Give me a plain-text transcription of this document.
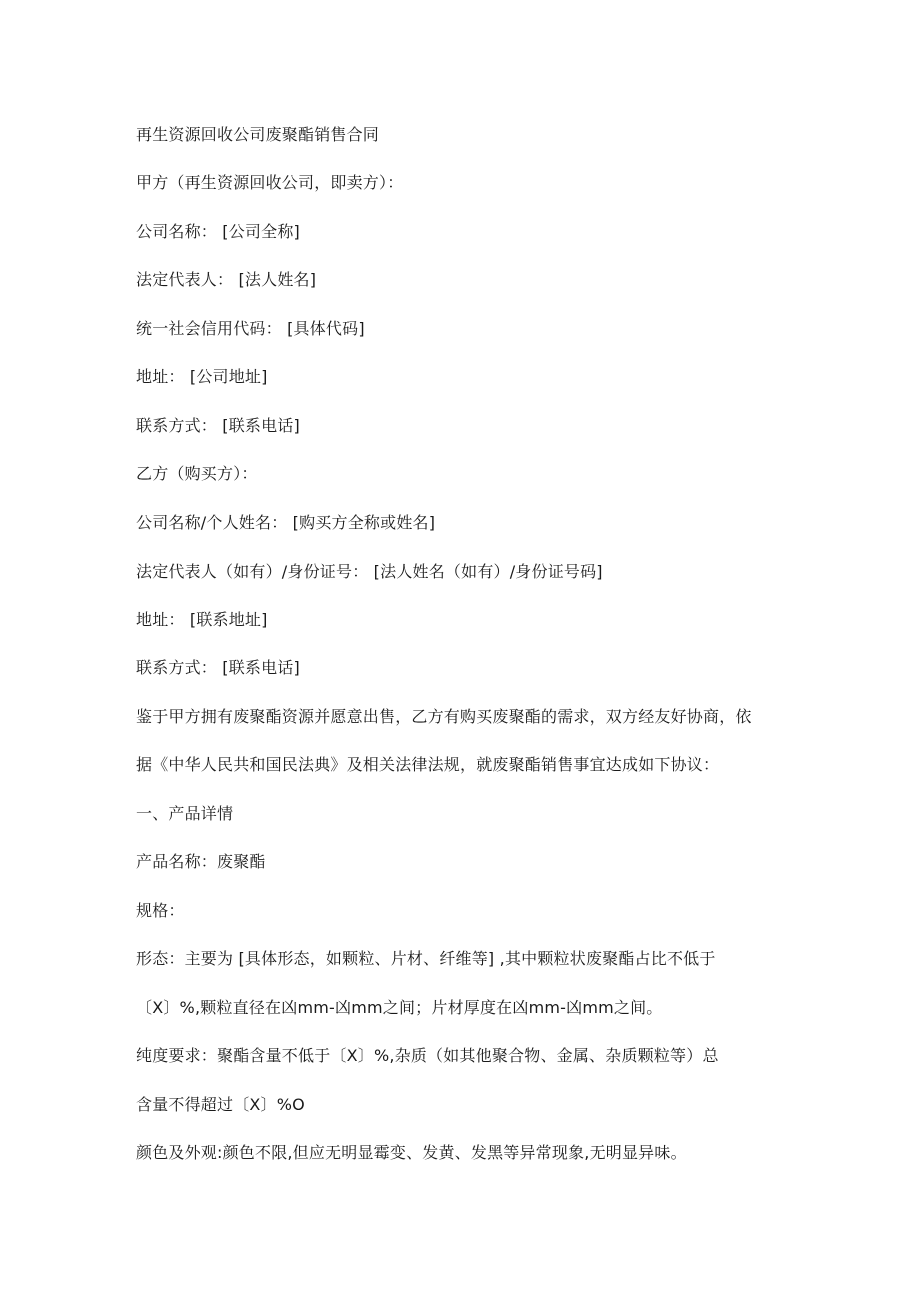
再生资源回收公司废聚酯销售合同
甲方（再生资源回收公司，即卖方）：
公司名称： [公司全称]
法定代表人： [法人姓名]
统一社会信用代码： [具体代码]
地址： [公司地址]
联系方式： [联系电话]
乙方（购买方）：
公司名称/个人姓名： [购买方全称或姓名]
法定代表人（如有）/身份证号： [法人姓名（如有）/身份证号码]
地址： [联系地址]
联系方式： [联系电话]
鉴于甲方拥有废聚酯资源并愿意出售，乙方有购买废聚酯的需求，双方经友好协商，依
据《中华人民共和国民法典》及相关法律法规，就废聚酯销售事宜达成如下协议：
一、产品详情
产品名称：废聚酯
规格：
形态：主要为 [具体形态，如颗粒、片材、纤维等] ,其中颗粒状废聚酯占比不低于
〔X〕%,颗粒直径在凶mm-凶mm之间；片材厚度在凶mm-凶mm之间。
纯度要求：聚酯含量不低于〔X〕%,杂质（如其他聚合物、金属、杂质颗粒等）总
含量不得超过〔X〕%O
颜色及外观:颜色不限,但应无明显霉变、发黄、发黑等异常现象,无明显异味。
